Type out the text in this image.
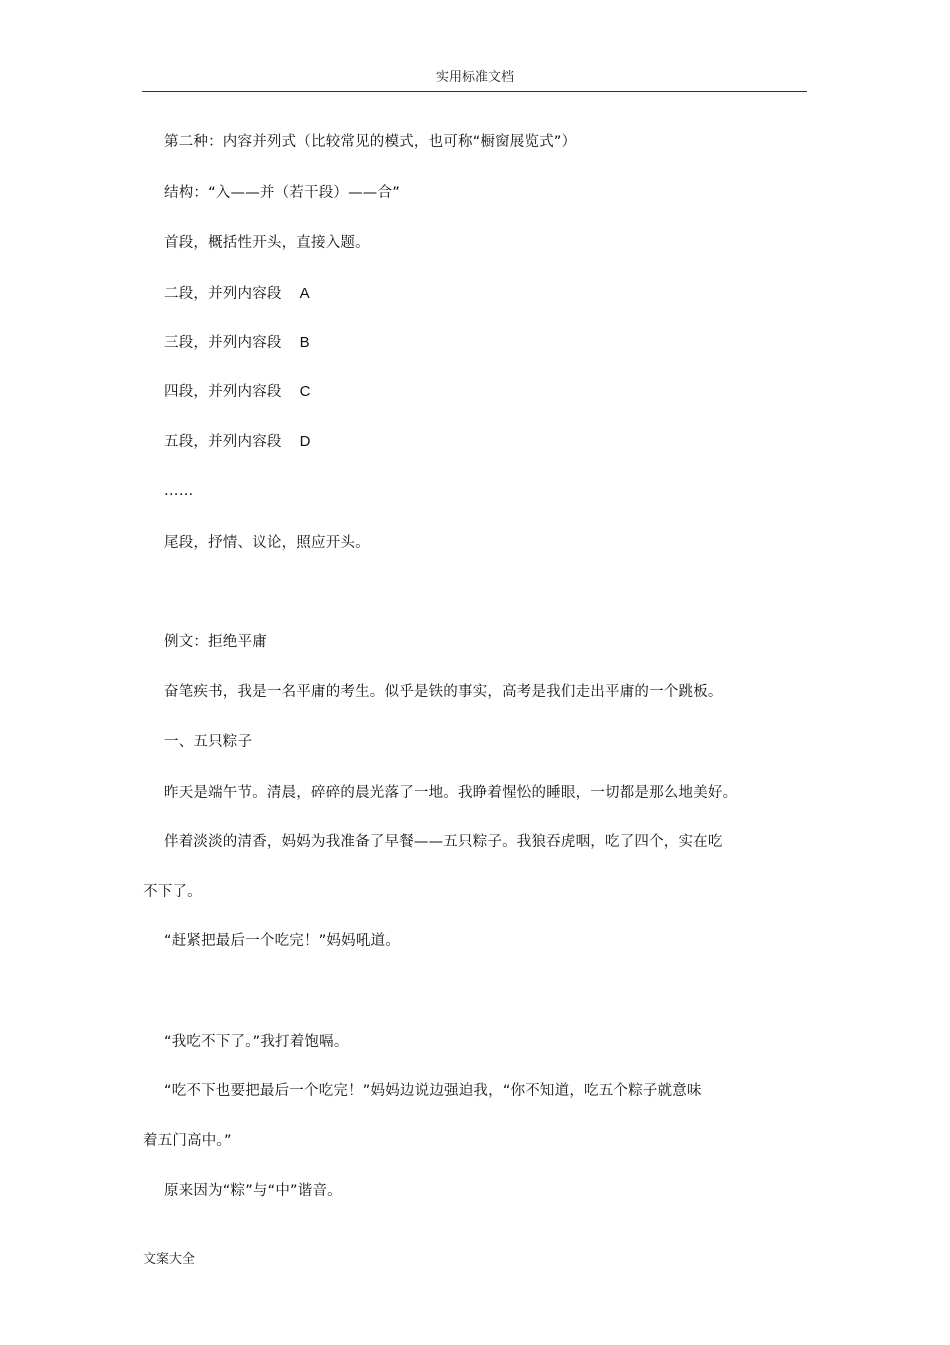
实用标准文档
第二种：内容并列式（比较常见的模式，也可称“橱窗展览式”）
结构：“入——并（若干段）——合”
首段，概括性开头，直接入题。
二段，并列内容段 A
三段，并列内容段 B
四段，并列内容段 C
五段，并列内容段 D
……
尾段，抒情、议论，照应开头。
例文：拒绝平庸
奋笔疾书，我是一名平庸的考生。似乎是铁的事实，高考是我们走出平庸的一个跳板。
一、五只粽子
昨天是端午节。清晨，碎碎的晨光落了一地。我睁着惺忪的睡眼，一切都是那么地美好。
伴着淡淡的清香，妈妈为我准备了早餐——五只粽子。我狼吞虎咽，吃了四个，实在吃
不下了。
“赶紧把最后一个吃完！”妈妈吼道。
“我吃不下了。”我打着饱嗝。
“吃不下也要把最后一个吃完！”妈妈边说边强迫我，“你不知道，吃五个粽子就意味
着五门高中。”
原来因为“粽”与“中”谐音。
文案大全
